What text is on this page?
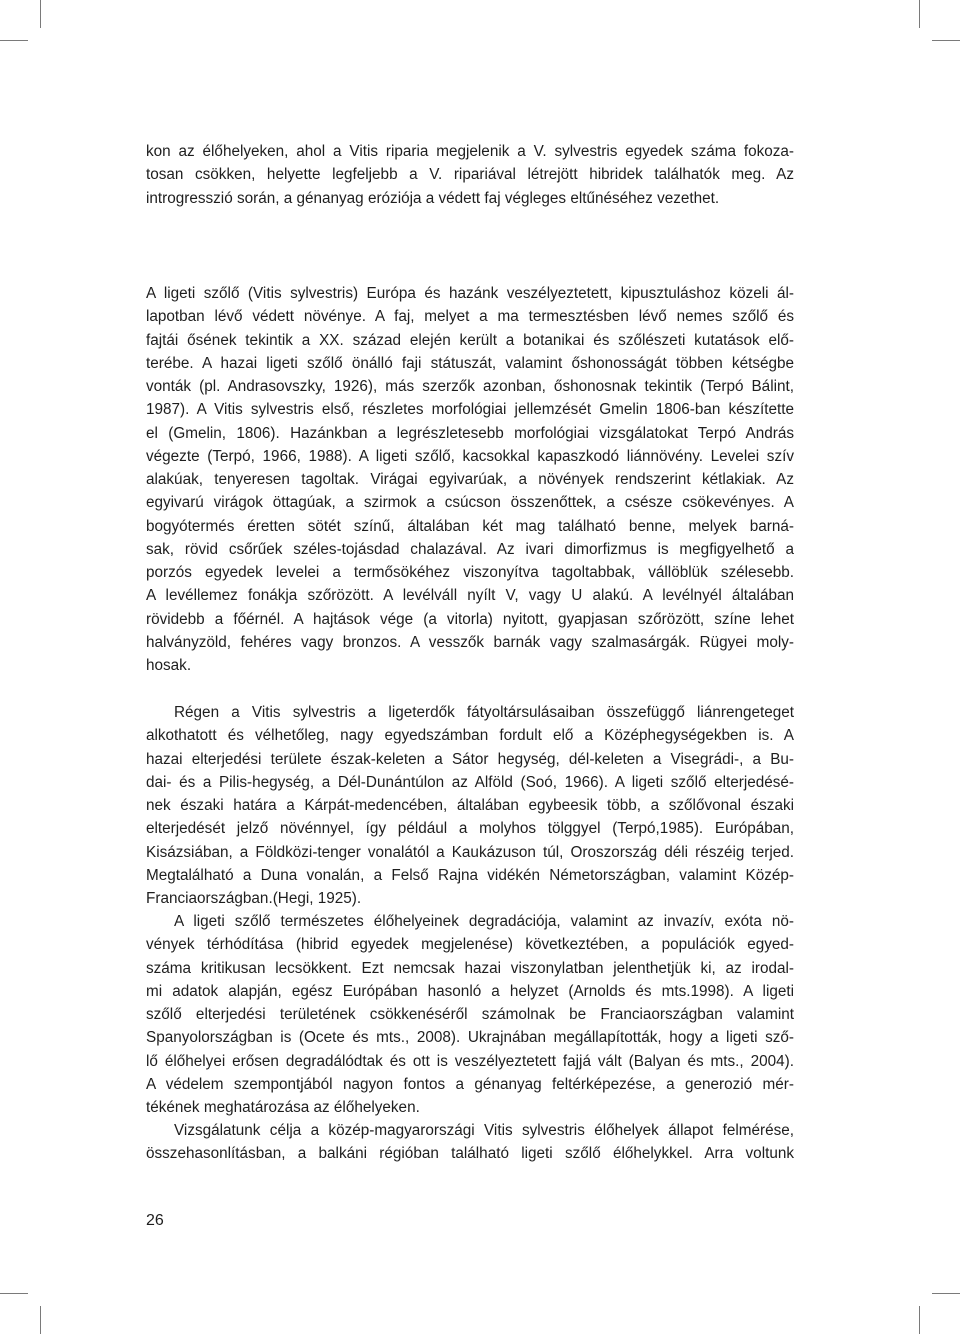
kon az élőhelyeken, ahol a Vitis riparia megjelenik a V. sylvestris egyedek száma fokoza-
tosan csökken, helyette legfeljebb a V. ripariával létrejött hibridek találhatók meg. Az
introgresszió során, a génanyag eróziója a védett faj végleges eltűnéséhez vezethet.
A ligeti szőlő (Vitis sylvestris) Európa és hazánk veszélyeztetett, kipusztuláshoz közeli ál-
lapotban lévő védett növénye. A faj, melyet a ma termesztésben lévő nemes szőlő és
fajtái ősének tekintik a XX. század elején került a botanikai és szőlészeti kutatások elő-
terébe. A hazai ligeti szőlő önálló faji státuszát, valamint őshonosságát többen kétségbe
vonták (pl. Andrasovszky, 1926), más szerzők azonban, őshonosnak tekintik (Terpó Bálint,
1987). A Vitis sylvestris első, részletes morfológiai jellemzését Gmelin 1806-ban készítette
el (Gmelin, 1806). Hazánkban a legrészletesebb morfológiai vizsgálatokat Terpó András
végezte (Terpó, 1966, 1988). A ligeti szőlő, kacsokkal kapaszkodó liánnövény. Levelei szív
alakúak, tenyeresen tagoltak. Virágai egyivarúak, a növények rendszerint kétlakiak. Az
egyivarú virágok öttagúak, a szirmok a csúcson összenőttek, a csésze csökevényes. A
bogyótermés éretten sötét színű, általában két mag található benne, melyek barná-
sak, rövid csőrűek széles-tojásdad chalazával. Az ivari dimorfizmus is megfigyelhető a
porzós egyedek levelei a termősökéhez viszonyítva tagoltabbak, vállöblük szélesebb.
A levéllemez fonákja szőrözött. A levélváll nyílt V, vagy U alakú. A levélnyél általában
rövidebb a főérnél. A hajtások vége (a vitorla) nyitott, gyapjasan szőrözött, színe lehet
halványzöld, fehéres vagy bronzos. A vesszők barnák vagy szalmasárgák. Rügyei moly-
hosak.
Régen a Vitis sylvestris a ligeterdők fátyoltársulásaiban összefüggő liánrengeteget
alkothatott és vélhetőleg, nagy egyedszámban fordult elő a Középhegységekben is. A
hazai elterjedési területe észak-keleten a Sátor hegység, dél-keleten a Visegrádi-, a Bu-
dai- és a Pilis-hegység, a Dél-Dunántúlon az Alföld (Soó, 1966). A ligeti szőlő elterjedésé-
nek északi határa a Kárpát-medencében, általában egybeesik több, a szőlővonal északi
elterjedését jelző növénnyel, így például a molyhos tölggyel (Terpó,1985). Európában,
Kisázsiában, a Földközi-tenger vonalától a Kaukázuson túl, Oroszország déli részéig terjed.
Megtalálható a Duna vonalán, a Felső Rajna vidékén Németországban, valamint Közép-
Franciaországban.(Hegi, 1925).
A ligeti szőlő természetes élőhelyeinek degradációja, valamint az invazív, exóta nö-
vények térhódítása (hibrid egyedek megjelenése) következtében, a populációk egyed-
száma kritikusan lecsökkent. Ezt nemcsak hazai viszonylatban jelenthetjük ki, az irodal-
mi adatok alapján, egész Európában hasonló a helyzet (Arnolds és mts.1998). A ligeti
szőlő elterjedési területének csökkenéséről számolnak be Franciaországban valamint
Spanyolországban is (Ocete és mts., 2008). Ukrajnában megállapították, hogy a ligeti sző-
lő élőhelyei erősen degradálódtak és ott is veszélyeztetett fajjá vált (Balyan és mts., 2004).
A védelem szempontjából nagyon fontos a génanyag feltérképezése, a generozió mér-
tékének meghatározása az élőhelyeken.
Vizsgálatunk célja a közép-magyarországi Vitis sylvestris élőhelyek állapot felmérése,
összehasonlításban, a balkáni régióban található ligeti szőlő élőhelykkel. Arra voltunk
26
